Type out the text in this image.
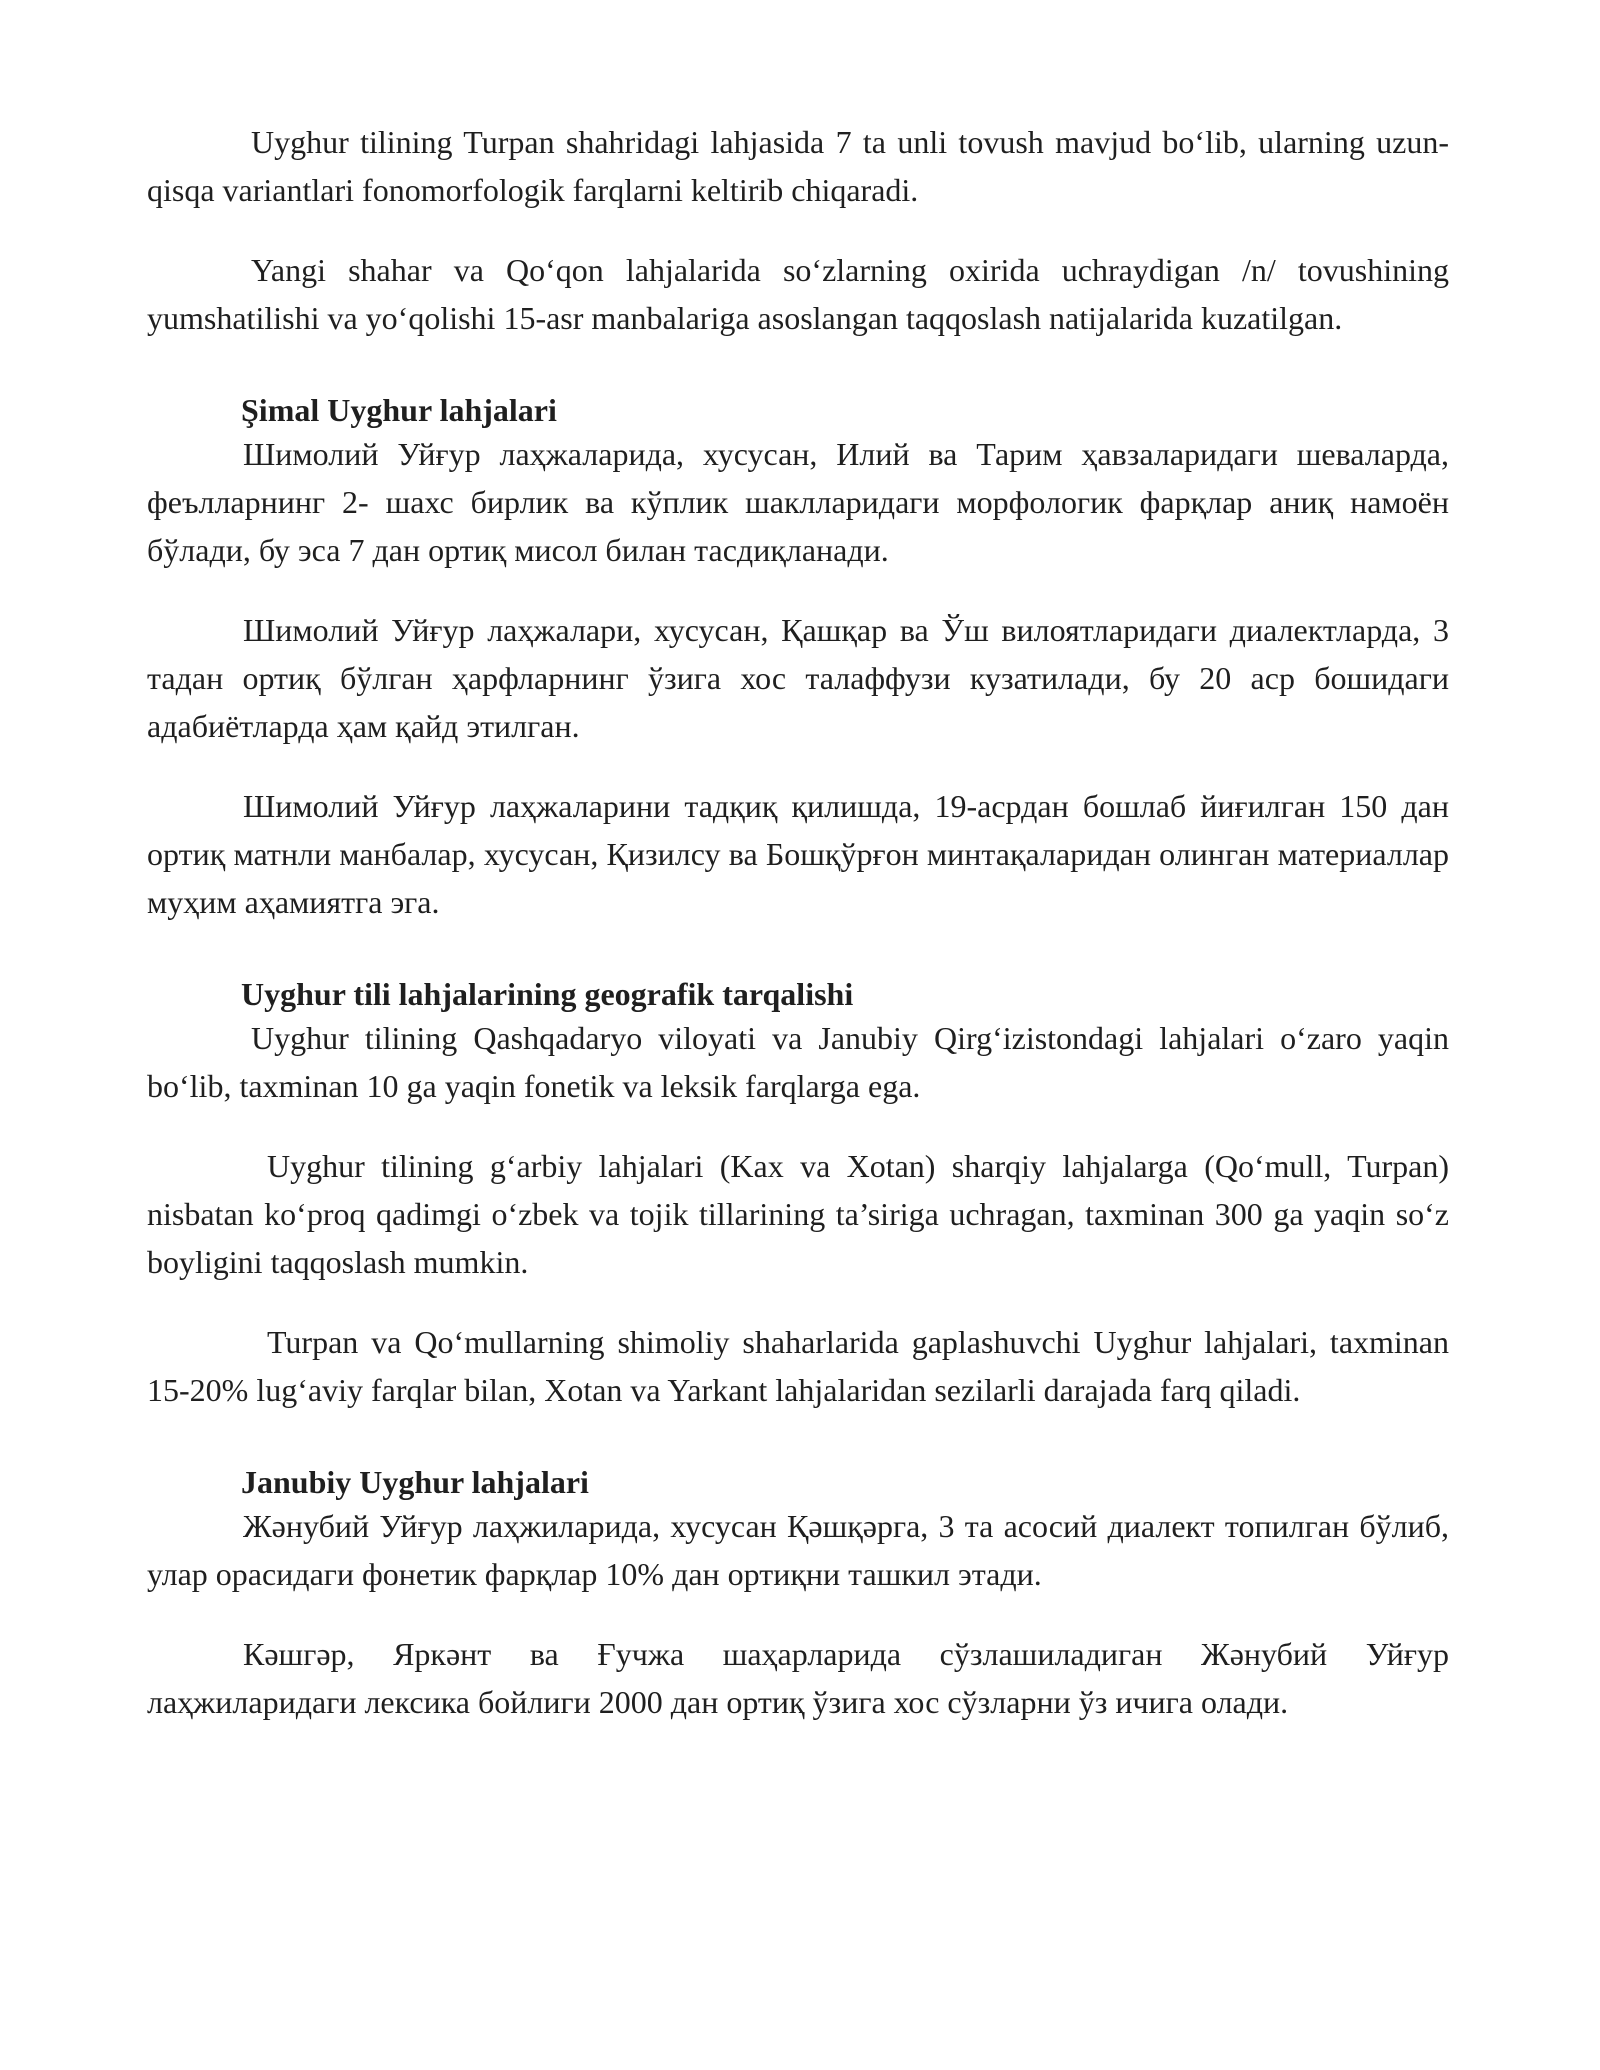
Uyghur tilining Turpan shahridagi lahjasida 7 ta unli tovush mavjud bo‘lib, ularning uzun-qisqa variantlari fonomorfologik farqlarni keltirib chiqaradi.

Yangi shahar va Qo‘qon lahjalarida so‘zlarning oxirida uchraydigan /n/ tovushining yumshatilishi va yo‘qolishi 15-asr manbalariga asoslangan taqqoslash natijalarida kuzatilgan.

Şimal Uyghur lahjalari

Шимолий Уйғур лаҳжаларида, хусусан, Илий ва Тарим ҳавзаларидаги шеваларда, феълларнинг 2- шахс бирлик ва кўплик шаклларидаги морфологик фарқлар аниқ намоён бўлади, бу эса 7 дан ортиқ мисол билан тасдиқланади.

Шимолий Уйғур лаҳжалари, хусусан, Қашқар ва Ўш вилоятларидаги диалектларда, 3 тадан ортиқ бўлган ҳарфларнинг ўзига хос талаффузи кузатилади, бу 20 аср бошидаги адабиётларда ҳам қайд этилган.

Шимолий Уйғур лаҳжаларини тадқиқ қилишда, 19-асрдан бошлаб йиғилган 150 дан ортиқ матнли манбалар, хусусан, Қизилсу ва Бошқўрғон минтақаларидан олинган материаллар муҳим аҳамиятга эга.

Uyghur tili lahjalarining geografik tarqalishi

Uyghur tilining Qashqadaryo viloyati va Janubiy Qirg‘izistondagi lahjalari o‘zaro yaqin bo‘lib, taxminan 10 ga yaqin fonetik va leksik farqlarga ega.

Uyghur tilining g‘arbiy lahjalari (Kax va Xotan) sharqiy lahjalarga (Qo‘mull, Turpan) nisbatan ko‘proq qadimgi o‘zbek va tojik tillarining ta’siriga uchragan, taxminan 300 ga yaqin so‘z boyligini taqqoslash mumkin.

Turpan va Qo‘mullarning shimoliy shaharlarida gaplashuvchi Uyghur lahjalari, taxminan 15-20% lug‘aviy farqlar bilan, Xotan va Yarkant lahjalaridan sezilarli darajada farq qiladi.

Janubiy Uyghur lahjalari

Жәнубий Уйғур лаҳжиларида, хусусан Қәшқәрга, 3 та асосий диалект топилган бўлиб, улар орасидаги фонетик фарқлар 10% дан ортиқни ташкил этади.

Кәшгәр, Яркәнт ва Ғучжа шаҳарларида сўзлашиладиган Жәнубий Уйғур лаҳжиларидаги лексика бойлиги 2000 дан ортиқ ўзига хос сўзларни ўз ичига олади.
